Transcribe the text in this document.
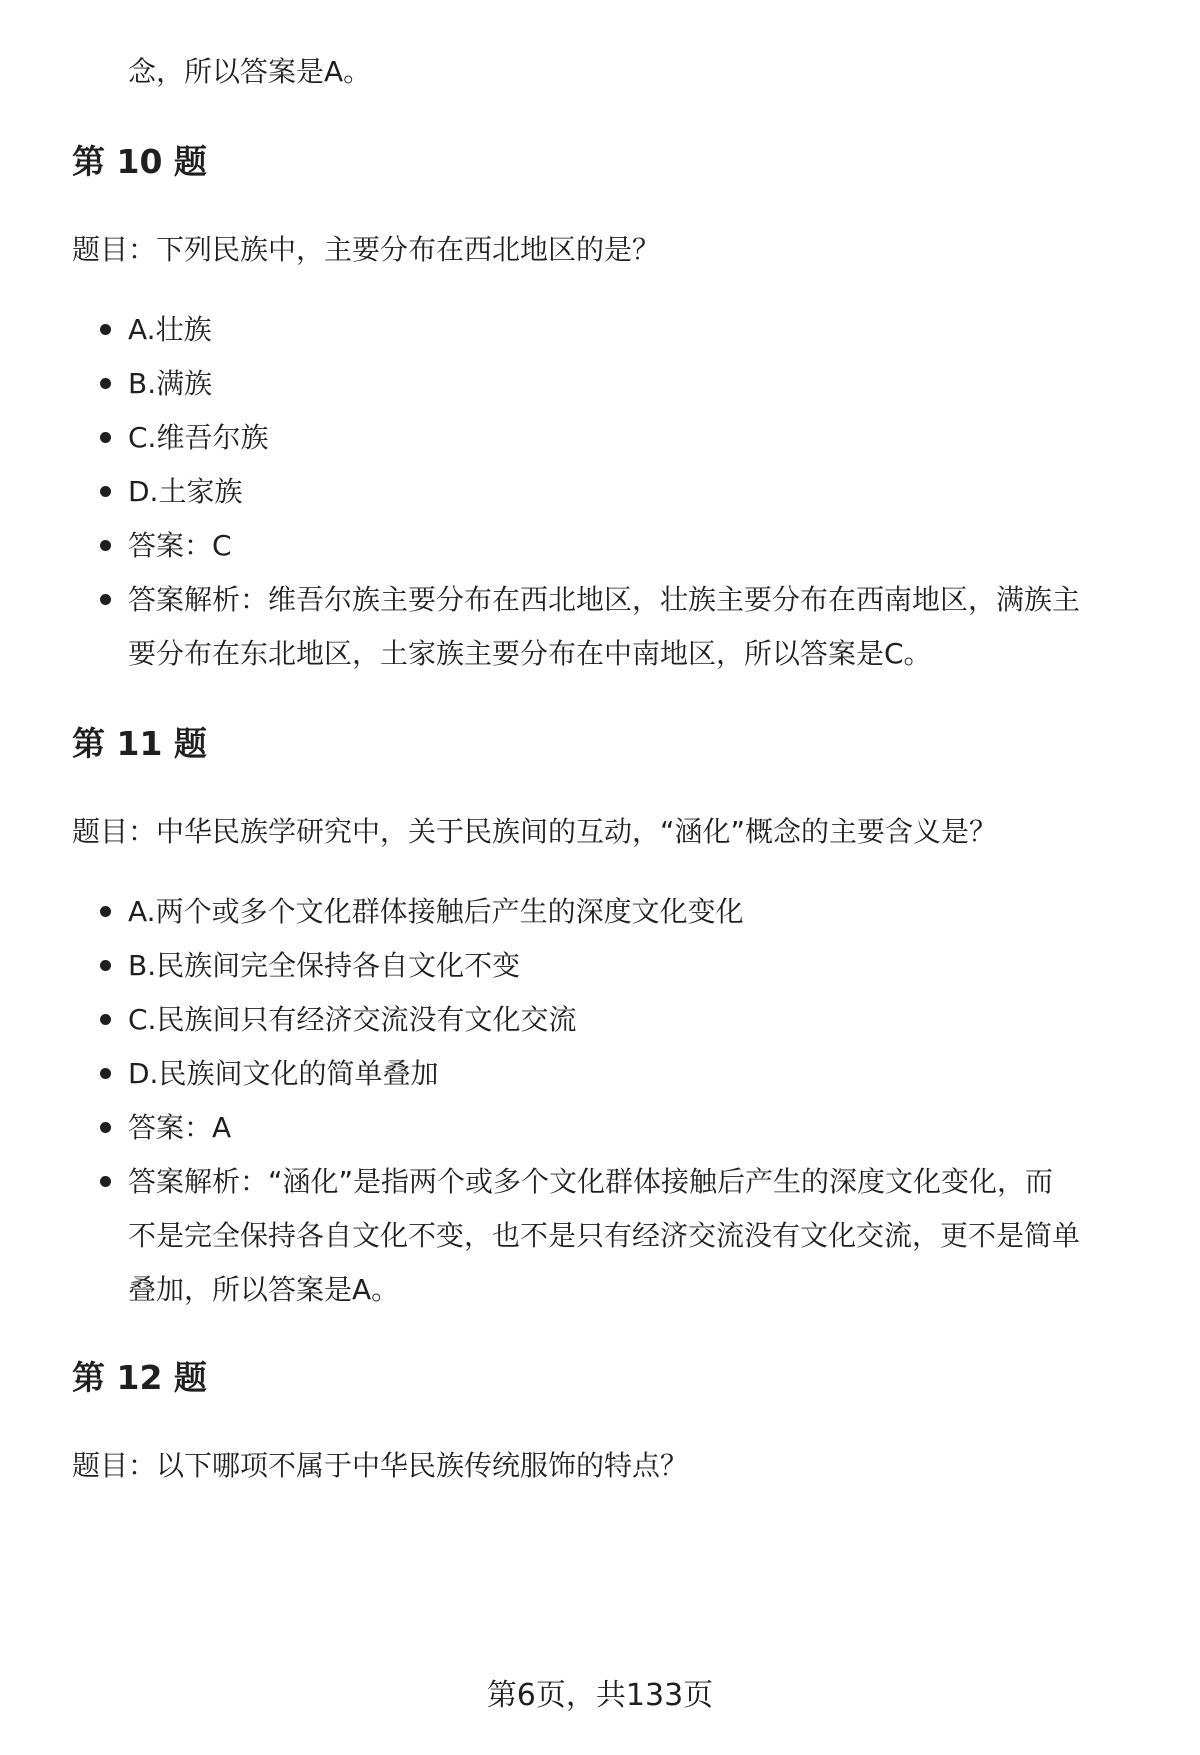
念，所以答案是A。
第 10 题
题目：下列民族中，主要分布在西北地区的是？
A.壮族
B.满族
C.维吾尔族
D.土家族
答案：C
答案解析：维吾尔族主要分布在西北地区，壮族主要分布在西南地区，满族主
要分布在东北地区，土家族主要分布在中南地区，所以答案是C。
第 11 题
题目：中华民族学研究中，关于民族间的互动，“涵化”概念的主要含义是？
A.两个或多个文化群体接触后产生的深度文化变化
B.民族间完全保持各自文化不变
C.民族间只有经济交流没有文化交流
D.民族间文化的简单叠加
答案：A
答案解析：“涵化”是指两个或多个文化群体接触后产生的深度文化变化，而
不是完全保持各自文化不变，也不是只有经济交流没有文化交流，更不是简单
叠加，所以答案是A。
第 12 题
题目：以下哪项不属于中华民族传统服饰的特点？
第6页，共133页
